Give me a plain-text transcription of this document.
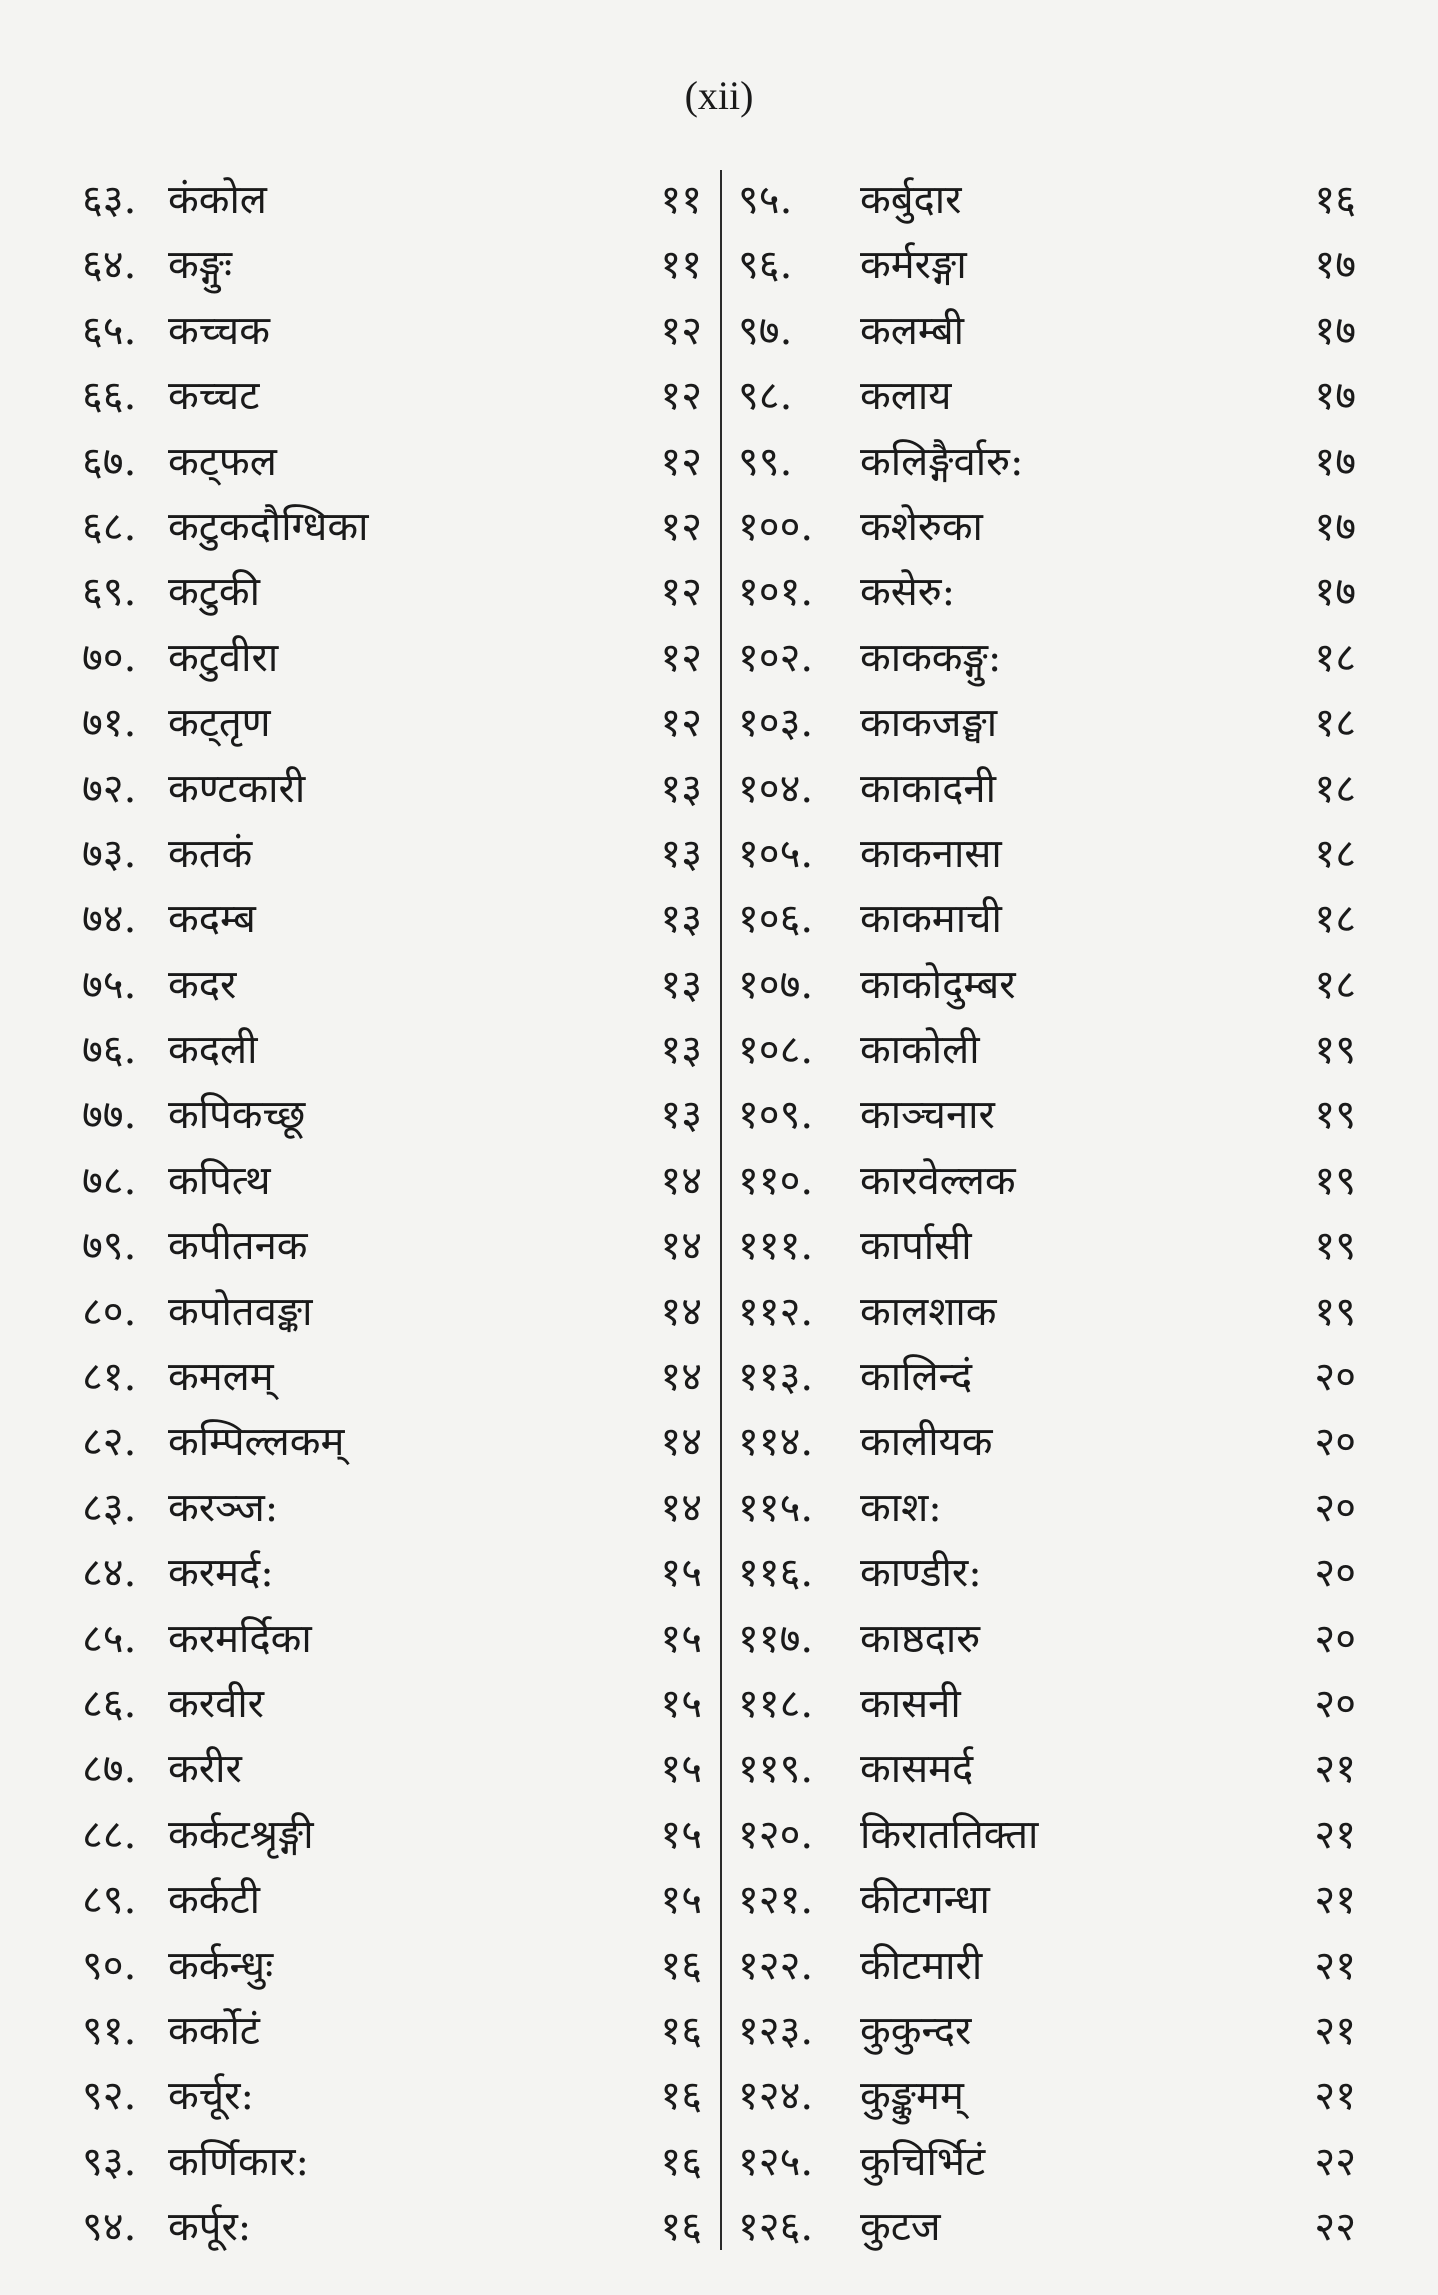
(xii)
६३. कंकोल	११
६४. कङ्गुः	११
६५. कच्चक	१२
६६. कच्चट	१२
६७. कट्फल	१२
६८. कटुकदौग्धिका	१२
६९. कटुकी	१२
७०. कटुवीरा	१२
७१. कट्तृण	१२
७२. कण्टकारी	१३
७३. कतकं	१३
७४. कदम्ब	१३
७५. कदर	१३
७६. कदली	१३
७७. कपिकच्छू	१३
७८. कपित्थ	१४
७९. कपीतनक	१४
८०. कपोतवङ्का	१४
८१. कमलम्	१४
८२. कम्पिल्लकम्	१४
८३. करञ्ज:	१४
८४. करमर्द:	१५
८५. करमर्दिका	१५
८६. करवीर	१५
८७. करीर	१५
८८. कर्कटश्रृङ्गी	१५
८९. कर्कटी	१५
९०. कर्कन्धुः	१६
९१. कर्कोटं	१६
९२. कर्चूर:	१६
९३. कर्णिकार:	१६
९४. कर्पूर:	१६
९५. कर्बुदार	१६
९६. कर्मरङ्गा	१७
९७. कलम्बी	१७
९८. कलाय	१७
९९. कलिङ्गैर्वारु:	१७
१००. कशेरुका	१७
१०१. कसेरु:	१७
१०२. काककङ्गु:	१८
१०३. काकजङ्घा	१८
१०४. काकादनी	१८
१०५. काकनासा	१८
१०६. काकमाची	१८
१०७. काकोदुम्बर	१८
१०८. काकोली	१९
१०९. काञ्चनार	१९
११०. कारवेल्लक	१९
१११. कार्पासी	१९
११२. कालशाक	१९
११३. कालिन्दं	२०
११४. कालीयक	२०
११५. काश:	२०
११६. काण्डीर:	२०
११७. काष्ठदारु	२०
११८. कासनी	२०
११९. कासमर्द	२१
१२०. किराततिक्ता	२१
१२१. कीटगन्धा	२१
१२२. कीटमारी	२१
१२३. कुकुन्दर	२१
१२४. कुङ्कुमम्	२१
१२५. कुचिर्भिटं	२२
१२६. कुटज	२२
